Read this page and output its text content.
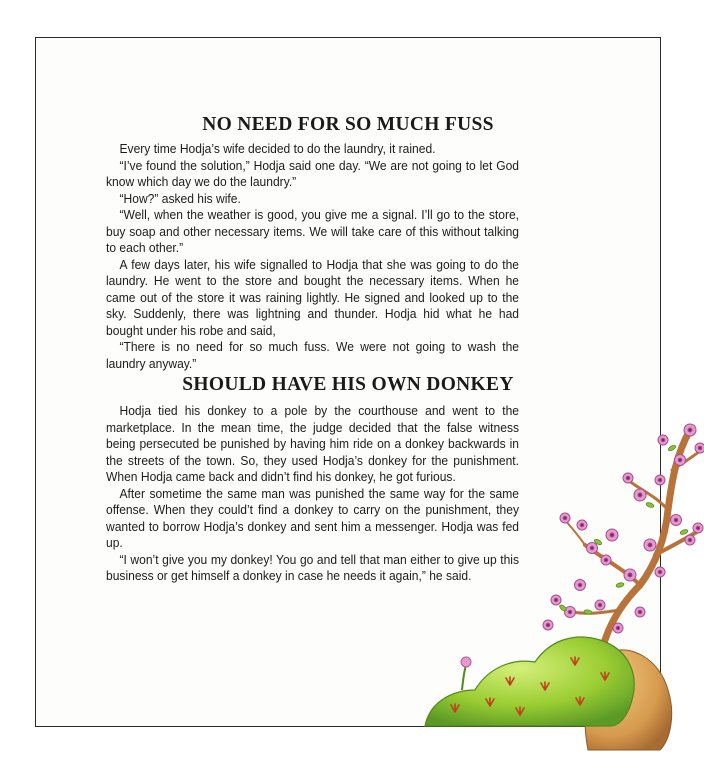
NO NEED FOR SO MUCH FUSS

Every time Hodja’s wife decided to do the laundry, it rained.

“I’ve found the solution,” Hodja said one day. “We are not going to let God know which day we do the laundry.”

“How?” asked his wife.

“Well, when the weather is good, you give me a signal. I’ll go to the store, buy soap and other necessary items. We will take care of this without talking to each other.”

A few days later, his wife signalled to Hodja that she was going to do the laundry. He went to the store and bought the necessary items. When he came out of the store it was raining lightly. He signed and looked up to the sky. Suddenly, there was lightning and thunder. Hodja hid what he had bought under his robe and said,

“There is no need for so much fuss. We were not going to wash the laundry anyway.”

SHOULD HAVE HIS OWN DONKEY

Hodja tied his donkey to a pole by the courthouse and went to the marketplace. In the mean time, the judge decided that the false witness being persecuted be punished by having him ride on a donkey backwards in the streets of the town. So, they used Hodja’s donkey for the punishment. When Hodja came back and didn’t find his donkey, he got furious.

After sometime the same man was punished the same way for the same offense. When they could’t find a donkey to carry on the punishment, they wanted to borrow Hodja’s donkey and sent him a messenger. Hodja was fed up.

“I won’t give you my donkey! You go and tell that man either to give up this business or get himself a donkey in case he needs it again,” he said.
